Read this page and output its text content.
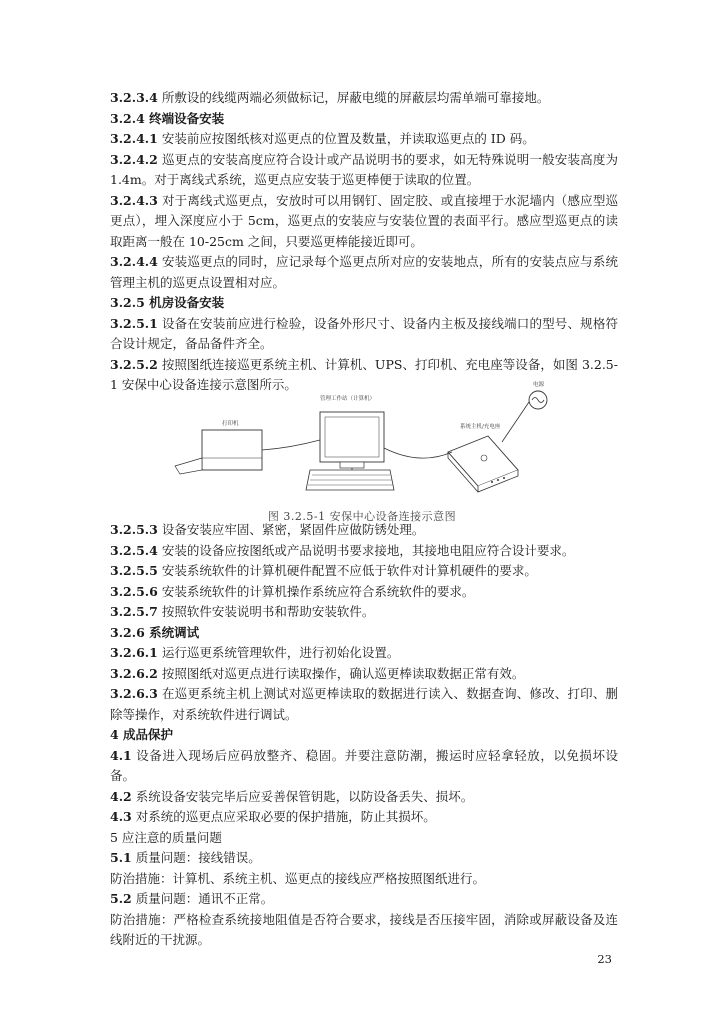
3.2.3.4 所敷设的线缆两端必须做标记，屏蔽电缆的屏蔽层均需单端可靠接地。

3.2.4 终端设备安装

3.2.4.1 安装前应按图纸核对巡更点的位置及数量，并读取巡更点的 ID 码。

3.2.4.2 巡更点的安装高度应符合设计或产品说明书的要求，如无特殊说明一般安装高度为 1.4m。对于离线式系统，巡更点应安装于巡更棒便于读取的位置。

3.2.4.3 对于离线式巡更点，安放时可以用钢钉、固定胶、或直接埋于水泥墙内（感应型巡更点），埋入深度应小于 5cm，巡更点的安装应与安装位置的表面平行。感应型巡更点的读取距离一般在 10-25cm 之间，只要巡更棒能接近即可。

3.2.4.4 安装巡更点的同时，应记录每个巡更点所对应的安装地点，所有的安装点应与系统管理主机的巡更点设置相对应。

3.2.5 机房设备安装

3.2.5.1 设备在安装前应进行检验，设备外形尺寸、设备内主板及接线端口的型号、规格符合设计规定，备品备件齐全。

3.2.5.2 按照图纸连接巡更系统主机、计算机、UPS、打印机、充电座等设备，如图 3.2.5-1 安保中心设备连接示意图所示。	电源
管理工作站（计算机）
打印机	系统主机/充电座
图 3.2.5-1 安保中心设备连接示意图

3.2.5.3 设备安装应牢固、紧密，紧固件应做防锈处理。

3.2.5.4 安装的设备应按图纸或产品说明书要求接地，其接地电阻应符合设计要求。

3.2.5.5 安装系统软件的计算机硬件配置不应低于软件对计算机硬件的要求。

3.2.5.6 安装系统软件的计算机操作系统应符合系统软件的要求。

3.2.5.7 按照软件安装说明书和帮助安装软件。

3.2.6 系统调试

3.2.6.1 运行巡更系统管理软件，进行初始化设置。

3.2.6.2 按照图纸对巡更点进行读取操作，确认巡更棒读取数据正常有效。

3.2.6.3 在巡更系统主机上测试对巡更棒读取的数据进行读入、数据查询、修改、打印、删除等操作，对系统软件进行调试。

4 成品保护

4.1 设备进入现场后应码放整齐、稳固。并要注意防潮，搬运时应轻拿轻放，以免损坏设备。

4.2 系统设备安装完毕后应妥善保管钥匙，以防设备丢失、损坏。

4.3 对系统的巡更点应采取必要的保护措施，防止其损坏。

5 应注意的质量问题

5.1 质量问题：接线错误。

防治措施：计算机、系统主机、巡更点的接线应严格按照图纸进行。

5.2 质量问题：通讯不正常。

防治措施：严格检查系统接地阻值是否符合要求，接线是否压接牢固，消除或屏蔽设备及连线附近的干扰源。

23
